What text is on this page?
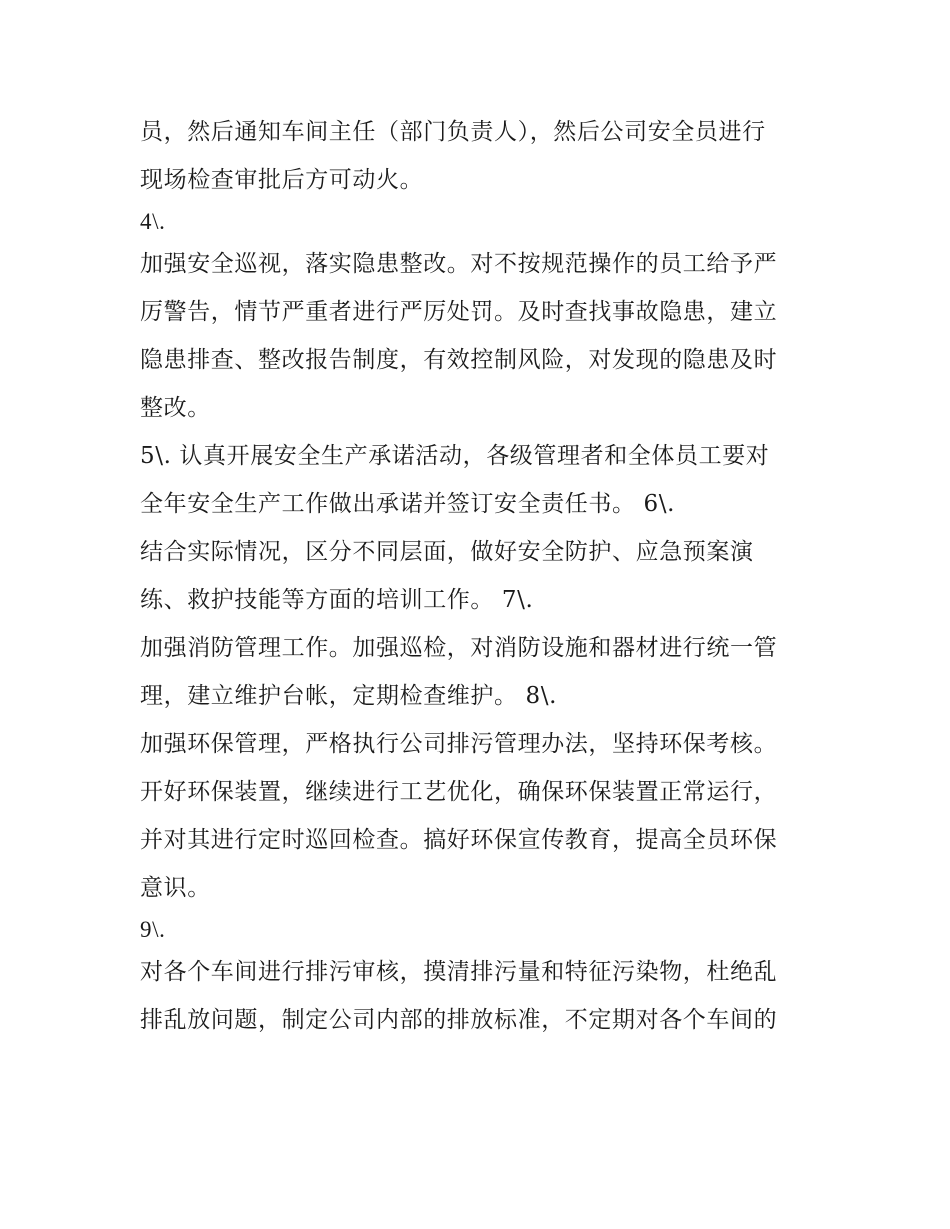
员，然后通知车间主任（部门负责人），然后公司安全员进行
现场检查审批后方可动火。
4\.
加强安全巡视，落实隐患整改。对不按规范操作的员工给予严
厉警告，情节严重者进行严厉处罚。及时查找事故隐患，建立
隐患排查、整改报告制度，有效控制风险，对发现的隐患及时
整改。
5\. 认真开展安全生产承诺活动，各级管理者和全体员工要对
全年安全生产工作做出承诺并签订安全责任书。 6\.
结合实际情况，区分不同层面，做好安全防护、应急预案演
练、救护技能等方面的培训工作。 7\.
加强消防管理工作。加强巡检，对消防设施和器材进行统一管
理，建立维护台帐，定期检查维护。 8\.
加强环保管理，严格执行公司排污管理办法，坚持环保考核。
开好环保装置，继续进行工艺优化，确保环保装置正常运行，
并对其进行定时巡回检查。搞好环保宣传教育，提高全员环保
意识。
9\.
对各个车间进行排污审核，摸清排污量和特征污染物，杜绝乱
排乱放问题，制定公司内部的排放标准，不定期对各个车间的
